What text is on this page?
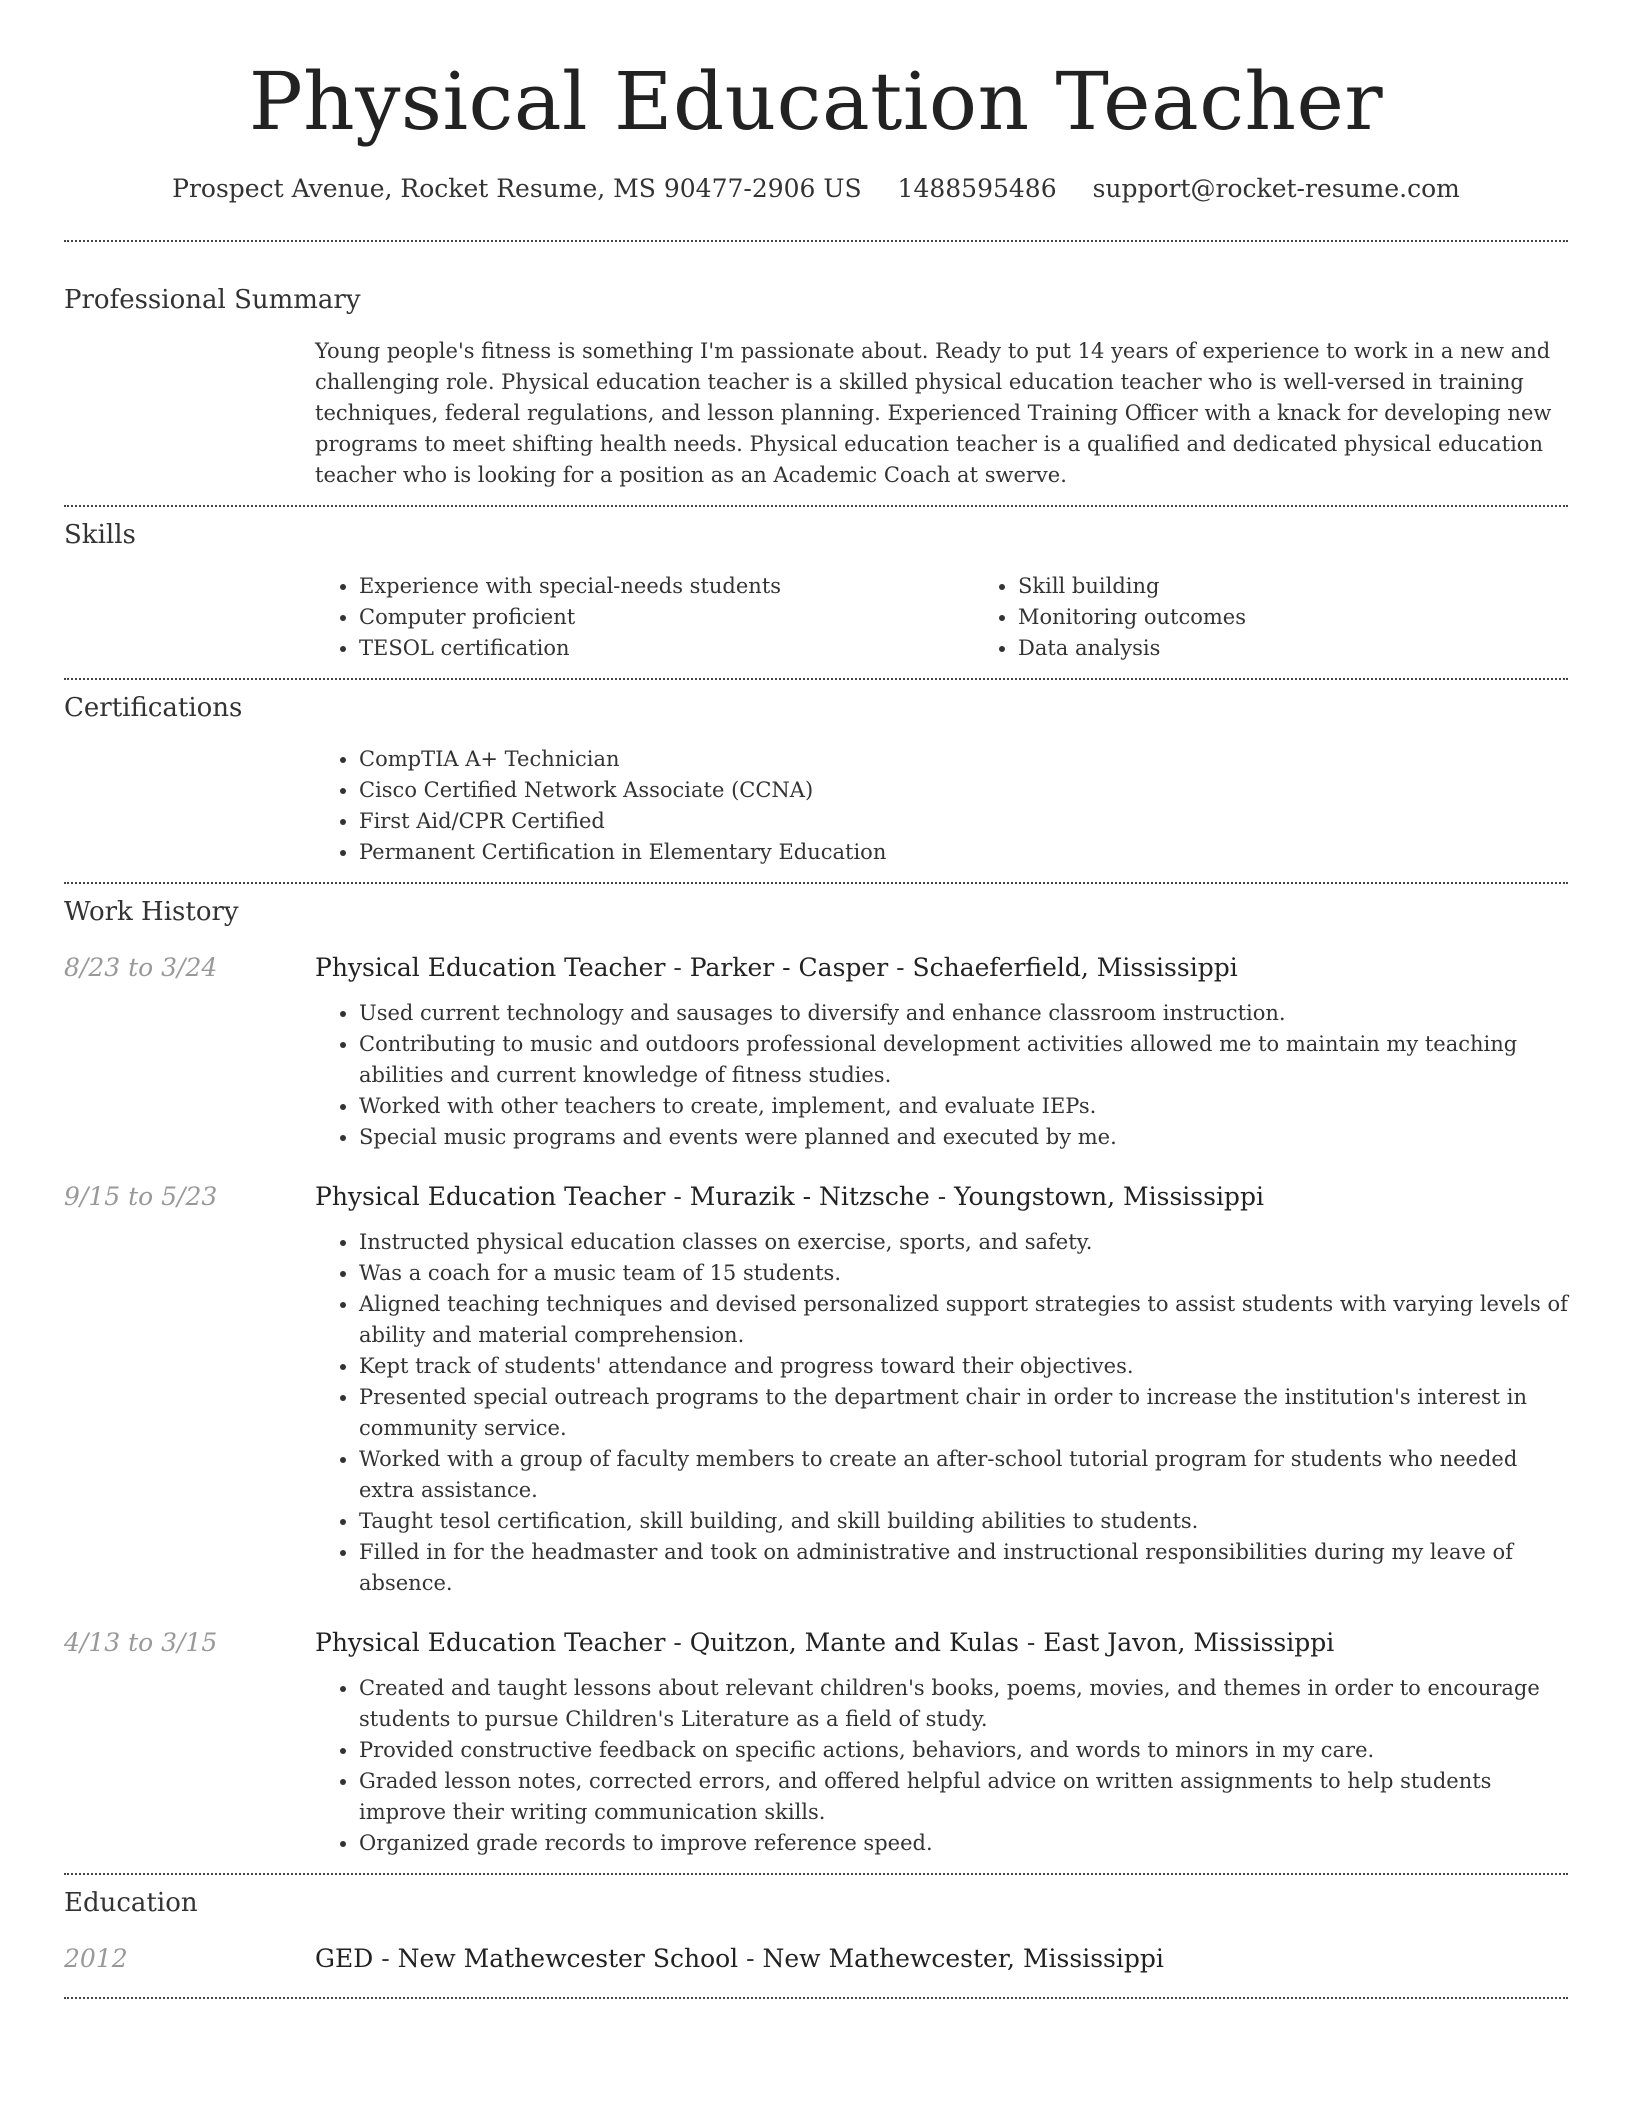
Physical Education Teacher
Prospect Avenue, Rocket Resume, MS 90477-2906 US 1488595486 support@rocket-resume.com
Professional Summary

Young people's fitness is something I'm passionate about. Ready to put 14 years of experience to work in a new and challenging role. Physical education teacher is a skilled physical education teacher who is well-versed in training techniques, federal regulations, and lesson planning. Experienced Training Officer with a knack for developing new programs to meet shifting health needs. Physical education teacher is a qualified and dedicated physical education teacher who is looking for a position as an Academic Coach at swerve.

Skills
• Experience with special-needs students
• Computer proficient
• TESOL certification
• Skill building
• Monitoring outcomes
• Data analysis
Certifications
• CompTIA A+ Technician
• Cisco Certified Network Associate (CCNA)
• First Aid/CPR Certified
• Permanent Certification in Elementary Education
Work History
8/23 to 3/24	Physical Education Teacher - Parker - Casper - Schaeferfield, Mississippi
• Used current technology and sausages to diversify and enhance classroom instruction.
• Contributing to music and outdoors professional development activities allowed me to maintain my teaching abilities and current knowledge of fitness studies.
• Worked with other teachers to create, implement, and evaluate IEPs.
• Special music programs and events were planned and executed by me.
9/15 to 5/23	Physical Education Teacher - Murazik - Nitzsche - Youngstown, Mississippi
• Instructed physical education classes on exercise, sports, and safety.
• Was a coach for a music team of 15 students.
• Aligned teaching techniques and devised personalized support strategies to assist students with varying levels of ability and material comprehension.
• Kept track of students' attendance and progress toward their objectives.
• Presented special outreach programs to the department chair in order to increase the institution's interest in community service.
• Worked with a group of faculty members to create an after-school tutorial program for students who needed extra assistance.
• Taught tesol certification, skill building, and skill building abilities to students.
• Filled in for the headmaster and took on administrative and instructional responsibilities during my leave of absence.
4/13 to 3/15	Physical Education Teacher - Quitzon, Mante and Kulas - East Javon, Mississippi
• Created and taught lessons about relevant children's books, poems, movies, and themes in order to encourage students to pursue Children's Literature as a field of study.
• Provided constructive feedback on specific actions, behaviors, and words to minors in my care.
• Graded lesson notes, corrected errors, and offered helpful advice on written assignments to help students improve their writing communication skills.
• Organized grade records to improve reference speed.
Education
2012	GED - New Mathewcester School - New Mathewcester, Mississippi
